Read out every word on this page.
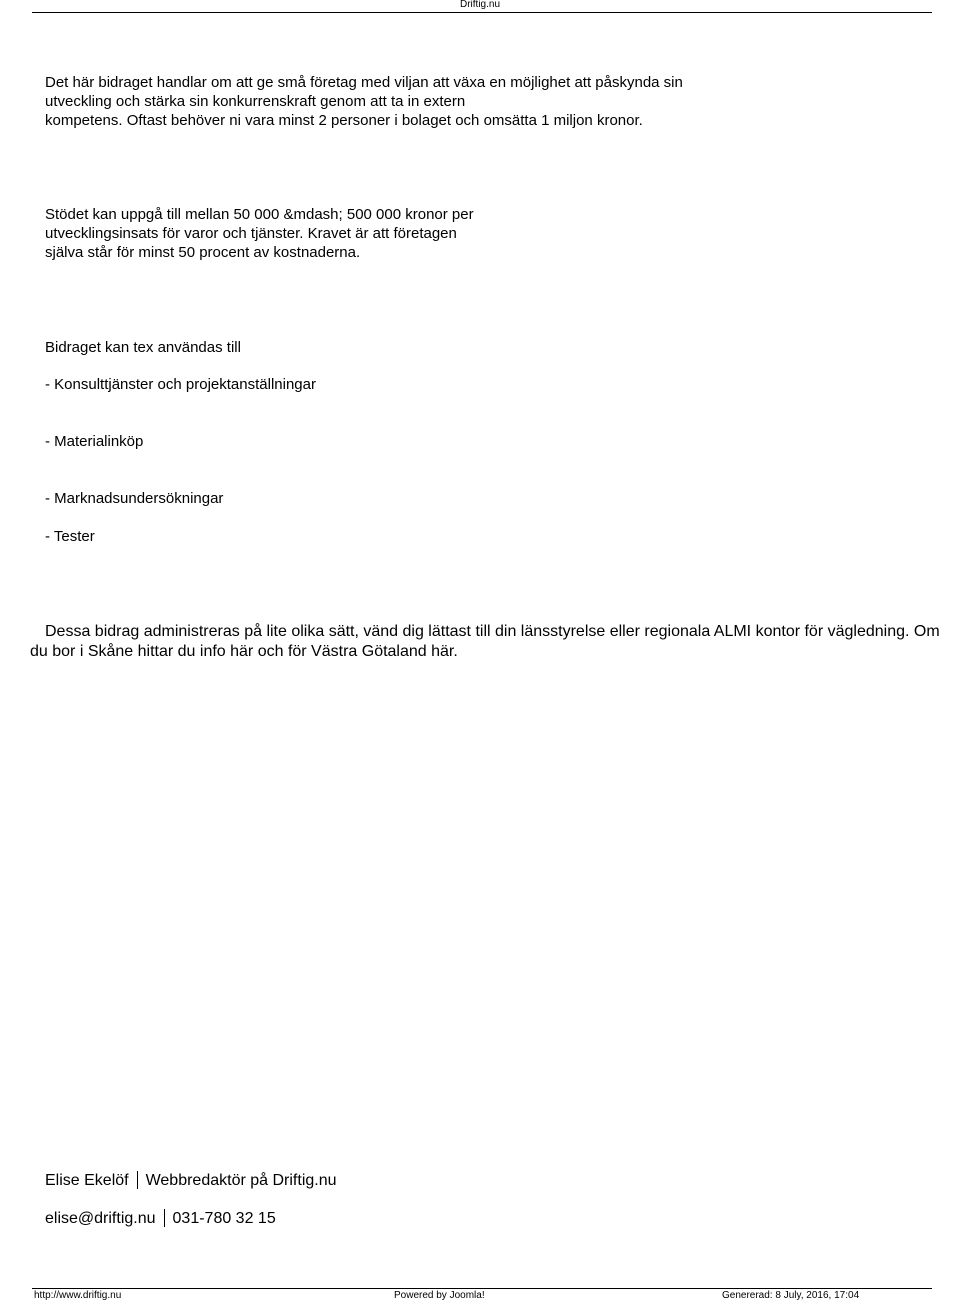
Driftig.nu

Det här bidraget handlar om att ge små företag med viljan att växa en möjlighet att påskynda sin
utveckling och stärka sin konkurrenskraft genom att ta in extern
kompetens. Oftast behöver ni vara minst 2 personer i bolaget och omsätta 1 miljon kronor.

Stödet kan uppgå till mellan 50 000 &mdash; 500 000 kronor per
utvecklingsinsats för varor och tjänster. Kravet är att företagen
själva står för minst 50 procent av kostnaderna.

Bidraget kan tex användas till

- Konsulttjänster och projektanställningar

- Materialinköp

- Marknadsundersökningar

- Tester

Dessa bidrag administreras på lite olika sätt, vänd dig lättast till din länsstyrelse eller regionala ALMI kontor för vägledning. Om
du bor i Skåne hittar du info här och för Västra Götaland här.

Elise Ekelöf Webbredaktör på Driftig.nu
elise@driftig.nu 031-780 32 15
http://www.driftig.nu	Powered by Joomla!	Genererad: 8 July, 2016, 17:04
